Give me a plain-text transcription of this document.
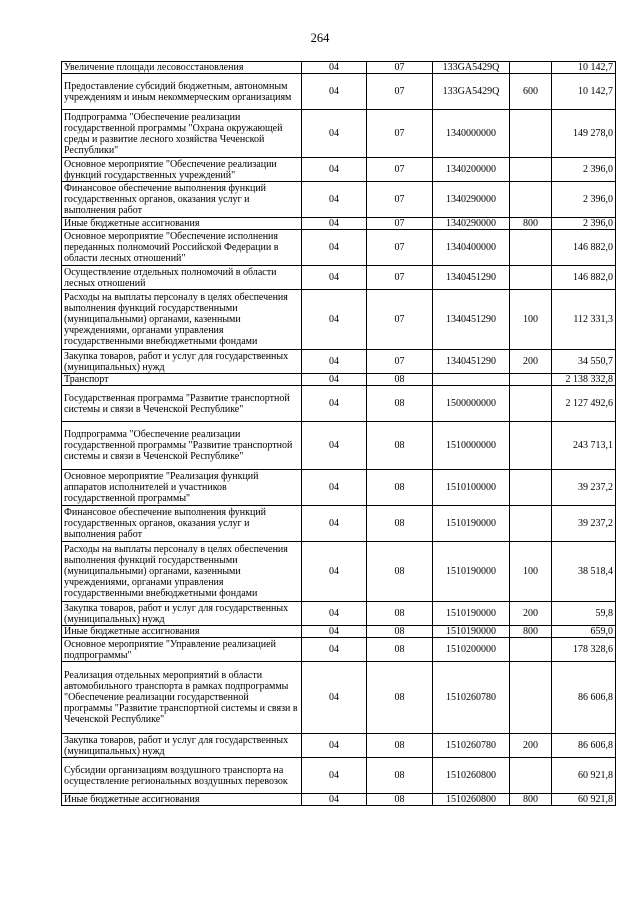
264
Увеличение площади лесовосстановления	04	07	133GA5429Q		10 142,7
Предоставление субсидий бюджетным, автономным учреждениям и иным некоммерческим организациям	04	07	133GA5429Q	600	10 142,7
Подпрограмма "Обеспечение реализации государственной программы "Охрана окружающей среды и развитие лесного хозяйства Чеченской Республики"	04	07	1340000000		149 278,0
Основное мероприятие "Обеспечение реализации функций государственных учреждений"	04	07	1340200000		2 396,0
Финансовое обеспечение выполнения функций государственных органов, оказания услуг и выполнения работ	04	07	1340290000		2 396,0
Иные бюджетные ассигнования	04	07	1340290000	800	2 396,0
Основное мероприятие "Обеспечение исполнения переданных полномочий Российской Федерации в области лесных отношений"	04	07	1340400000		146 882,0
Осуществление отдельных полномочий в области лесных отношений	04	07	1340451290		146 882,0
Расходы на выплаты персоналу в целях обеспечения выполнения функций государственными (муниципальными) органами, казенными учреждениями, органами управления государственными внебюджетными фондами	04	07	1340451290	100	112 331,3
Закупка товаров, работ и услуг для государственных (муниципальных) нужд	04	07	1340451290	200	34 550,7
Транспорт	04	08			2 138 332,8
Государственная программа "Развитие транспортной системы и связи в Чеченской Республике"	04	08	1500000000		2 127 492,6
Подпрограмма "Обеспечение реализации государственной программы "Развитие транспортной системы и связи в Чеченской Республике"	04	08	1510000000		243 713,1
Основное мероприятие "Реализация функций аппаратов исполнителей и участников государственной программы"	04	08	1510100000		39 237,2
Финансовое обеспечение выполнения функций государственных органов, оказания услуг и выполнения работ	04	08	1510190000		39 237,2
Расходы на выплаты персоналу в целях обеспечения выполнения функций государственными (муниципальными) органами, казенными учреждениями, органами управления государственными внебюджетными фондами	04	08	1510190000	100	38 518,4
Закупка товаров, работ и услуг для государственных (муниципальных) нужд	04	08	1510190000	200	59,8
Иные бюджетные ассигнования	04	08	1510190000	800	659,0
Основное мероприятие "Управление реализацией подпрограммы"	04	08	1510200000		178 328,6
Реализация отдельных мероприятий в области автомобильного транспорта в рамках подпрограммы "Обеспечение реализации государственной программы "Развитие транспортной системы и связи в Чеченской Республике"	04	08	1510260780		86 606,8
Закупка товаров, работ и услуг для государственных (муниципальных) нужд	04	08	1510260780	200	86 606,8
Субсидии организациям воздушного транспорта на осуществление региональных воздушных перевозок	04	08	1510260800		60 921,8
Иные бюджетные ассигнования	04	08	1510260800	800	60 921,8
